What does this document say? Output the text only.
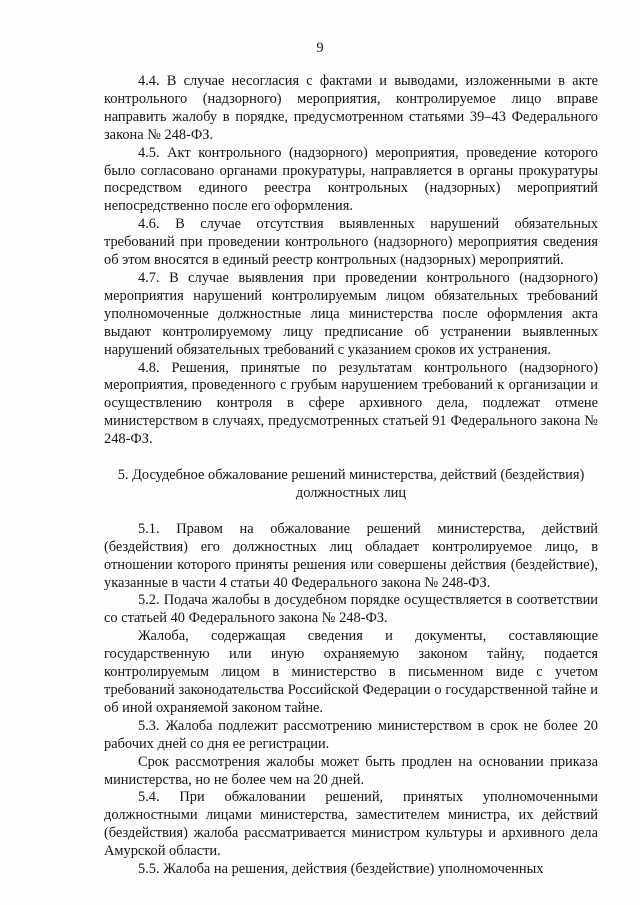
9

4.4. В случае несогласия с фактами и выводами, изложенными в акте контрольного (надзорного) мероприятия, контролируемое лицо вправе направить жалобу в порядке, предусмотренном статьями 39–43 Федерального закона № 248-ФЗ.

4.5. Акт контрольного (надзорного) мероприятия, проведение которого было согласовано органами прокуратуры, направляется в органы прокуратуры посредством единого реестра контрольных (надзорных) мероприятий непосредственно после его оформления.

4.6. В случае отсутствия выявленных нарушений обязательных требований при проведении контрольного (надзорного) мероприятия сведения об этом вносятся в единый реестр контрольных (надзорных) мероприятий.

4.7. В случае выявления при проведении контрольного (надзорного) мероприятия нарушений контролируемым лицом обязательных требований уполномоченные должностные лица министерства после оформления акта выдают контролируемому лицу предписание об устранении выявленных нарушений обязательных требований с указанием сроков их устранения.

4.8. Решения, принятые по результатам контрольного (надзорного) мероприятия, проведенного с грубым нарушением требований к организации и осуществлению контроля в сфере архивного дела, подлежат отмене министерством в случаях, предусмотренных статьей 91 Федерального закона № 248-ФЗ.

5. Досудебное обжалование решений министерства, действий (бездействия)
должностных лиц

5.1. Правом на обжалование решений министерства, действий (бездействия) его должностных лиц обладает контролируемое лицо, в отношении которого приняты решения или совершены действия (бездействие), указанные в части 4 статьи 40 Федерального закона № 248-ФЗ.

5.2. Подача жалобы в досудебном порядке осуществляется в соответствии со статьей 40 Федерального закона № 248-ФЗ.

Жалоба, содержащая сведения и документы, составляющие государственную или иную охраняемую законом тайну, подается контролируемым лицом в министерство в письменном виде с учетом требований законодательства Российской Федерации о государственной тайне и об иной охраняемой законом тайне.

5.3. Жалоба подлежит рассмотрению министерством в срок не более 20 рабочих дней со дня ее регистрации.

Срок рассмотрения жалобы может быть продлен на основании приказа министерства, но не более чем на 20 дней.

5.4. При обжаловании решений, принятых уполномоченными должностными лицами министерства, заместителем министра, их действий (бездействия) жалоба рассматривается министром культуры и архивного дела Амурской области.

5.5. Жалоба на решения, действия (бездействие) уполномоченных
